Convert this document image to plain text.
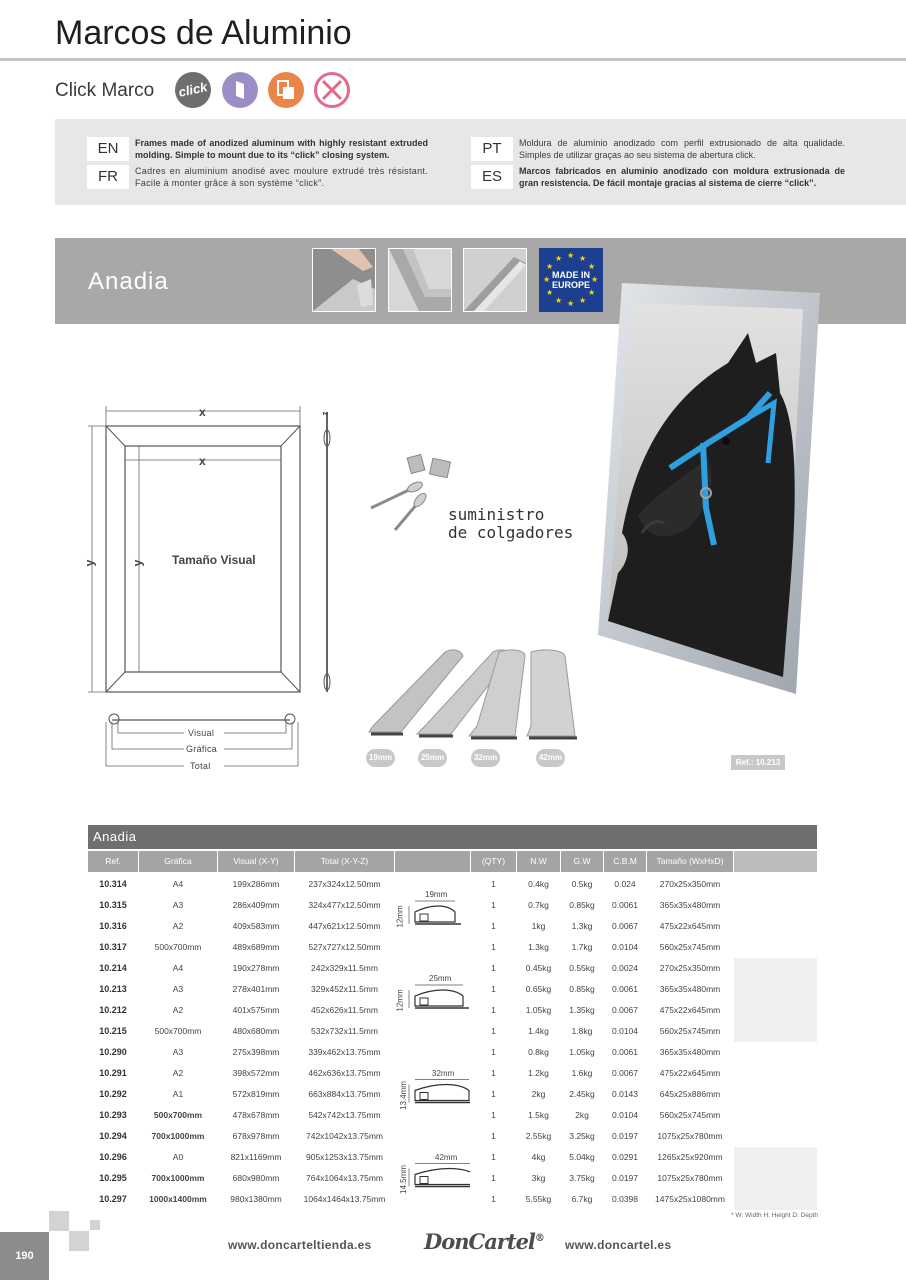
Marcos de Aluminio
Click Marco	click
EN	Frames made of anodized aluminum with highly resistant extruded molding. Simple to mount due to its “click” closing system.
FR	Cadres en aluminium anodisé avec moulure extrudé très résistant. Facile à monter grâce à son système “click”.
PT	Moldura de alumínio anodizado com perfil extrusionado de alta qualidade. Simples de utilizar graças ao seu sistema de abertura click.
ES	Marcos fabricados en aluminio anodizado con moldura extrusionada de gran resistencia. De fácil montaje gracias al sistema de cierre “click”.
Anadia
★ ★
★
★
★
★
★
★
★
★
★
★
MADE IN
EUROPE
x
x
y	y
z
Tamaño Visual
Visual
Gráfica
Total
suministro
de colgadores
19mm	25mm	32mm	42mm
Ref.: 10.213
Anadia
Ref.	Gráfica	Visual (X-Y)	Total (X-Y-Z)	(QTY)	N.W	G.W	C.B.M	Tamaño (WxHxD)
19mm
12mm
10.314	A4	199x286mm	237x324x12.50mm	1	0.4kg	0.5kg	0.024	270x25x350mm
10.315	A3	286x409mm	324x477x12.50mm	1	0.7kg	0.85kg	0.0061	365x35x480mm
10.316	A2	409x583mm	447x621x12.50mm	1	1kg	1.3kg	0.0067	475x22x645mm
10.317	500x700mm	489x689mm	527x727x12.50mm	1	1.3kg	1.7kg	0.0104	560x25x745mm
25mm
12mm
10.214	A4	190x278mm	242x329x11.5mm	1	0.45kg	0.55kg	0.0024	270x25x350mm
10.213	A3	278x401mm	329x452x11.5mm	1	0.65kg	0.85kg	0.0061	365x35x480mm
10.212	A2	401x575mm	452x626x11.5mm	1	1.05kg	1.35kg	0.0067	475x22x645mm
10.215	500x700mm	480x680mm	532x732x11.5mm	1	1.4kg	1.8kg	0.0104	560x25x745mm
32mm
13.4mm
10.290	A3	275x398mm	339x462x13.75mm	1	0.8kg	1.05kg	0.0061	365x35x480mm
10.291	A2	398x572mm	462x636x13.75mm	1	1.2kg	1.6kg	0.0067	475x22x645mm
10.292	A1	572x819mm	663x884x13.75mm	1	2kg	2.45kg	0.0143	645x25x886mm
10.293	500x700mm	478x678mm	542x742x13.75mm	1	1.5kg	2kg	0.0104	560x25x745mm
10.294	700x1000mm	678x978mm	742x1042x13.75mm	1	2.55kg	3.25kg	0.0197	1075x25x780mm
42mm
14.5mm
10.296	A0	821x1169mm	905x1253x13.75mm	1	4kg	5.04kg	0.0291	1265x25x920mm
10.295	700x1000mm	680x980mm	764x1064x13.75mm	1	3kg	3.75kg	0.0197	1075x25x780mm
10.297	1000x1400mm	980x1380mm	1064x1464x13.75mm	1	5.55kg	6.7kg	0.0398	1475x25x1080mm
* W: Width H: Height D: Depth
190
www.doncarteltienda.es DonCartel® www.doncartel.es
